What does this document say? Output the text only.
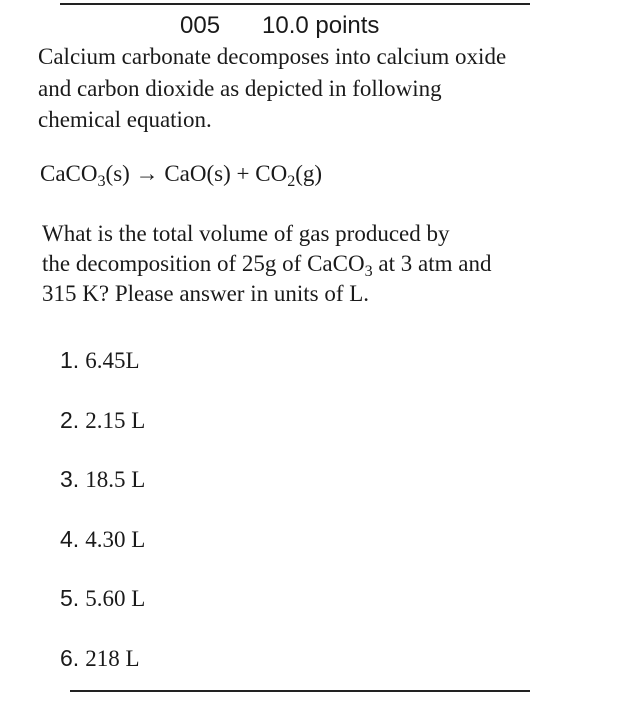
005 10.0 points
Calcium carbonate decomposes into calcium oxide
and carbon dioxide as depicted in following
chemical equation.
CaCO$_3$(s) → $CaO(s) + CO_2(g)$
What is the total volume of gas produced by
the decomposition of 25g of CaCO$_3$ at 3 atm and
315 K? Please answer in units of L.
1. 6.45L
2. 2.15 L
3. 18.5 L
4. 4.30 L
5. 5.60 L
6. 218 L
